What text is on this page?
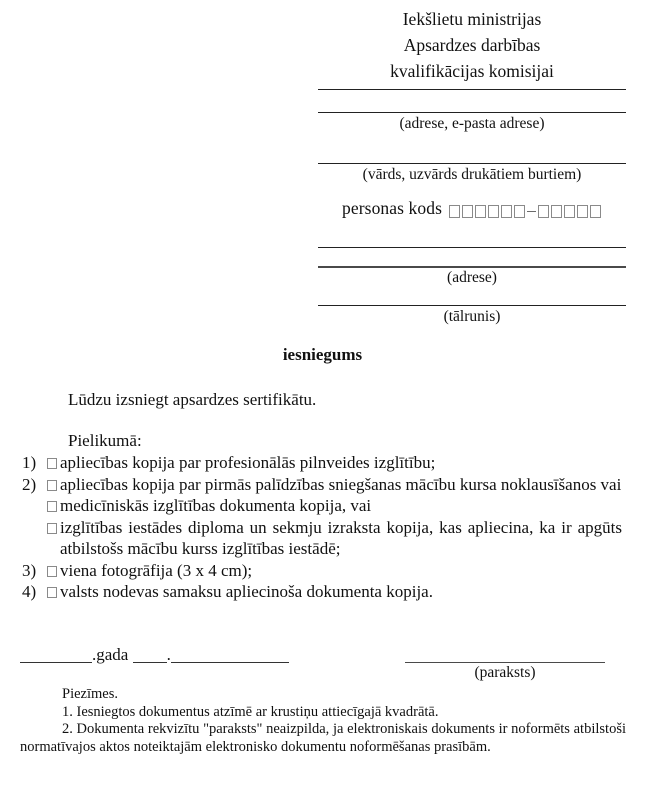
Iekšlietu ministrijas
Apsardzes darbības
kvalifikācijas komisijai
(adrese, e-pasta adrese)
(vārds, uzvārds drukātiem burtiem)
personas kods
(adrese)
(tālrunis)
iesniegums
Lūdzu izsniegt apsardzes sertifikātu.
Pielikumā:
1)	apliecības kopija par profesionālās pilnveides izglītību;
2)	apliecības kopija par pirmās palīdzības sniegšanas mācību kursa noklausīšanos vai
medicīniskās izglītības dokumenta kopija, vai
izglītības iestādes diploma un sekmju izraksta kopija, kas apliecina, ka ir apgūts atbilstošs mācību kurss izglītības iestādē;
3)	viena fotogrāfija (3 x 4 cm);
4)	valsts nodevas samaksu apliecinoša dokumenta kopija.
.gada .
(paraksts)
Piezīmes.
1. Iesniegtos dokumentus atzīmē ar krustiņu attiecīgajā kvadrātā.
2. Dokumenta rekvizītu "paraksts" neaizpilda, ja elektroniskais dokuments ir noformēts atbilstoši normatīvajos aktos noteiktajām elektronisko dokumentu noformēšanas prasībām.
